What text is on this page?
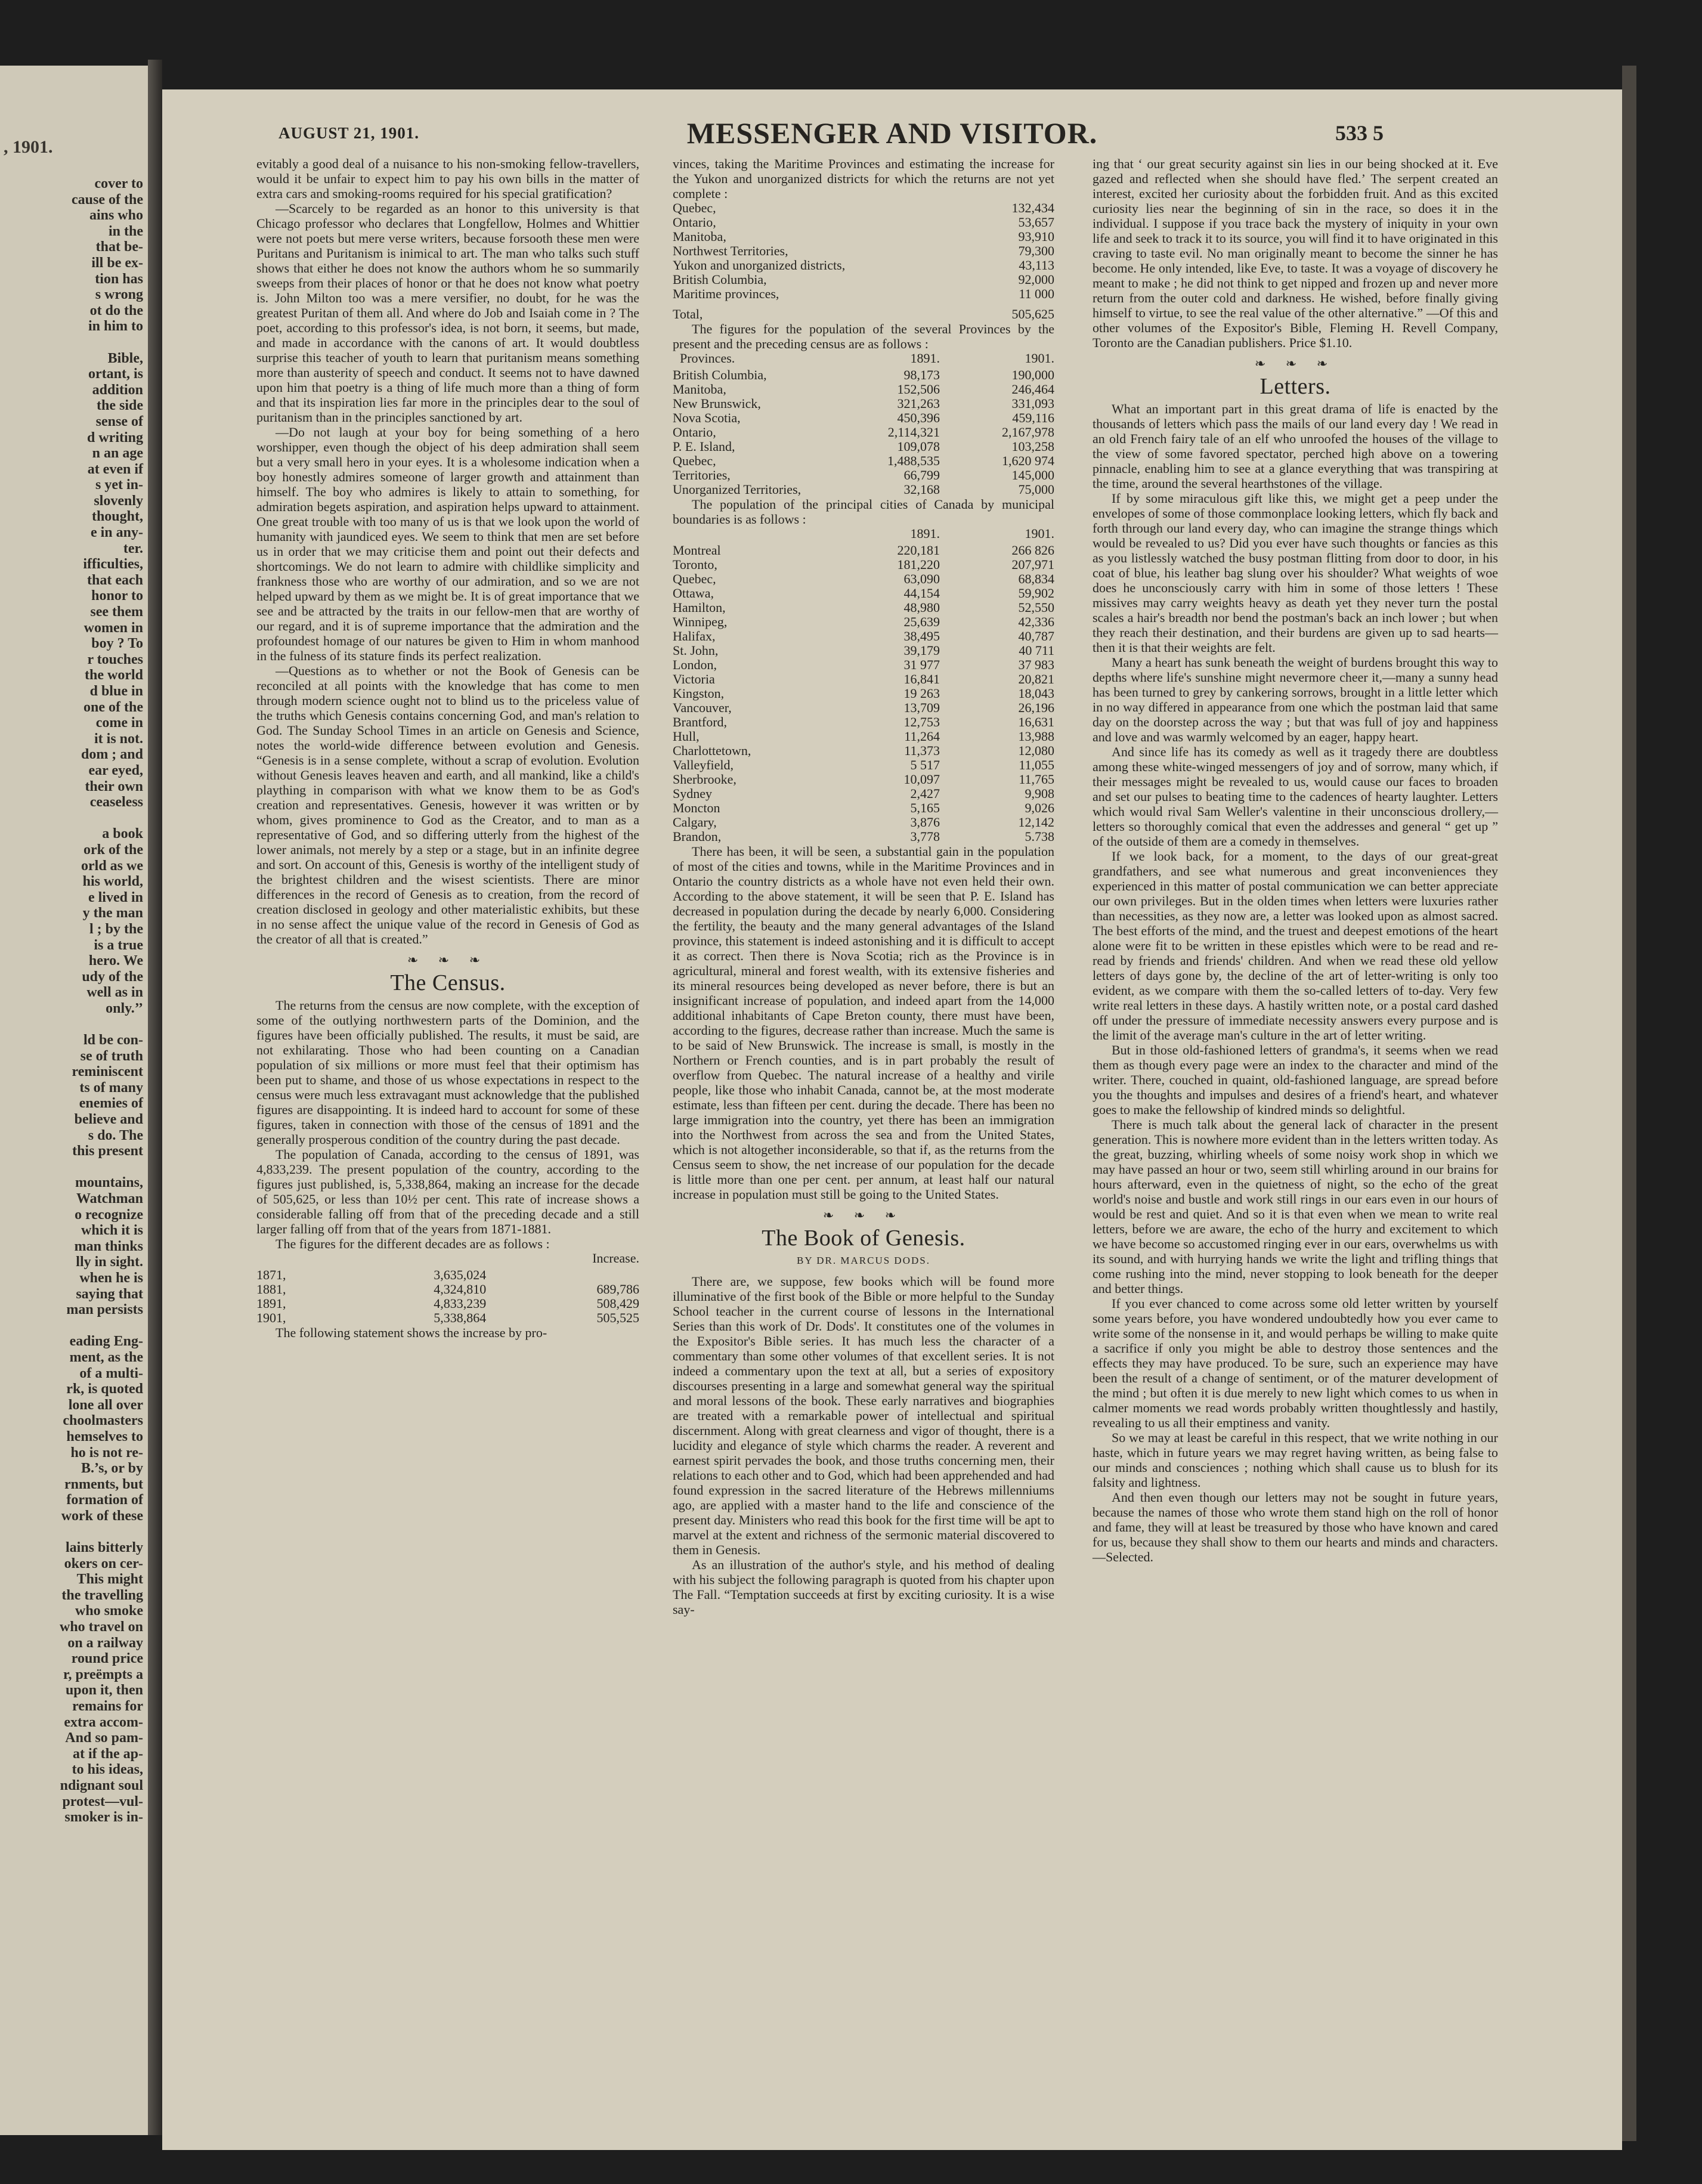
, 1901.
cover to
cause of the
ains who
in the
that be-
ill be ex-
tion has
s wrong
ot do the
in him to

Bible,
ortant, is
addition
the side
sense of
d writing
n an age
at even if
s yet in-
slovenly
thought,
e in any-
ter.
ifficulties,
that each
honor to
see them
women in
boy ? To
r touches
the world
d blue in
one of the
come in
it is not.
dom ; and
ear eyed,
their own
ceaseless

a book
ork of the
orld as we
his world,
e lived in
y the man
l ; by the
is a true
hero. We
udy of the
well as in
only.’’

ld be con-
se of truth
reminiscent
ts of many
enemies of
believe and
s do. The
this present

mountains,
Watchman
o recognize
which it is
man thinks
lly in sight.
when he is
saying that
man persists

eading Eng-
ment, as the
of a multi-
rk, is quoted
lone all over
choolmasters
hemselves to
ho is not re-
B.’s, or by
rnments, but
formation of
work of these

lains bitterly
okers on cer-
This might
the travelling
who smoke
who travel on
on a railway
round price
r, preëmpts a
upon it, then
remains for
extra accom-
And so pam-
at if the ap-
to his ideas,
ndignant soul
protest—vul-
smoker is in-
AUGUST 21, 1901.	MESSENGER AND VISITOR.	533 5

evitably a good deal of a nuisance to his non-smoking fellow-travellers, would it be unfair to expect him to pay his own bills in the matter of extra cars and smoking-rooms required for his special gratification?

—Scarcely to be regarded as an honor to this university is that Chicago professor who declares that Longfellow, Holmes and Whittier were not poets but mere verse writers, because forsooth these men were Puritans and Puritanism is inimical to art. The man who talks such stuff shows that either he does not know the authors whom he so summarily sweeps from their places of honor or that he does not know what poetry is. John Milton too was a mere versifier, no doubt, for he was the greatest Puritan of them all. And where do Job and Isaiah come in ? The poet, according to this professor's idea, is not born, it seems, but made, and made in accordance with the canons of art. It would doubtless surprise this teacher of youth to learn that puritanism means something more than austerity of speech and conduct. It seems not to have dawned upon him that poetry is a thing of life much more than a thing of form and that its inspiration lies far more in the principles dear to the soul of puritanism than in the principles sanctioned by art.

—Do not laugh at your boy for being something of a hero worshipper, even though the object of his deep admiration shall seem but a very small hero in your eyes. It is a wholesome indication when a boy honestly admires someone of larger growth and attainment than himself. The boy who admires is likely to attain to something, for admiration begets aspiration, and aspiration helps upward to attainment. One great trouble with too many of us is that we look upon the world of humanity with jaundiced eyes. We seem to think that men are set before us in order that we may criticise them and point out their defects and shortcomings. We do not learn to admire with childlike simplicity and frankness those who are worthy of our admiration, and so we are not helped upward by them as we might be. It is of great importance that we see and be attracted by the traits in our fellow-men that are worthy of our regard, and it is of supreme importance that the admiration and the profoundest homage of our natures be given to Him in whom manhood in the fulness of its stature finds its perfect realization.

—Questions as to whether or not the Book of Genesis can be reconciled at all points with the knowledge that has come to men through modern science ought not to blind us to the priceless value of the truths which Genesis contains concerning God, and man's relation to God. The Sunday School Times in an article on Genesis and Science, notes the world-wide difference between evolution and Genesis. “Genesis is in a sense complete, without a scrap of evolution. Evolution without Genesis leaves heaven and earth, and all mankind, like a child's plaything in comparison with what we know them to be as God's creation and representatives. Genesis, however it was written or by whom, gives prominence to God as the Creator, and to man as a representative of God, and so differing utterly from the highest of the lower animals, not merely by a step or a stage, but in an infinite degree and sort. On account of this, Genesis is worthy of the intelligent study of the brightest children and the wisest scientists. There are minor differences in the record of Genesis as to creation, from the record of creation disclosed in geology and other materialistic exhibits, but these in no sense affect the unique value of the record in Genesis of God as the creator of all that is created.”

❧ ❧ ❧
The Census.

The returns from the census are now complete, with the exception of some of the outlying northwestern parts of the Dominion, and the figures have been officially published. The results, it must be said, are not exhilarating. Those who had been counting on a Canadian population of six millions or more must feel that their optimism has been put to shame, and those of us whose expectations in respect to the census were much less extravagant must acknowledge that the published figures are disappointing. It is indeed hard to account for some of these figures, taken in connection with those of the census of 1891 and the generally prosperous condition of the country during the past decade.

The population of Canada, according to the census of 1891, was 4,833,239. The present population of the country, according to the figures just published, is, 5,338,864, making an increase for the decade of 505,625, or less than 10½ per cent. This rate of increase shows a considerable falling off from that of the preceding decade and a still larger falling off from that of the years from 1871-1881.

The figures for the different decades are as follows :

		Increase.
1871,	3,635,024	
1881,	4,324,810	689,786
1891,	4,833,239	508,429
1901,	5,338,864	505,525

The following statement shows the increase by pro-

vinces, taking the Maritime Provinces and estimating the increase for the Yukon and unorganized districts for which the returns are not yet complete :

Quebec,	132,434
Ontario,	53,657
Manitoba,	93,910
Northwest Territories,	79,300
Yukon and unorganized districts,	43,113
British Columbia,	92,000
Maritime provinces,	11 000
Total,	505,625

The figures for the population of the several Provinces by the present and the preceding census are as follows :

Provinces.	1891.	1901.
British Columbia,	98,173	190,000
Manitoba,	152,506	246,464
New Brunswick,	321,263	331,093
Nova Scotia,	450,396	459,116
Ontario,	2,114,321	2,167,978
P. E. Island,	109,078	103,258
Quebec,	1,488,535	1,620 974
Territories,	66,799	145,000
Unorganized Territories,	32,168	75,000

The population of the principal cities of Canada by municipal boundaries is as follows :

	1891.	1901.
Montreal	220,181	266 826
Toronto,	181,220	207,971
Quebec,	63,090	68,834
Ottawa,	44,154	59,902
Hamilton,	48,980	52,550
Winnipeg,	25,639	42,336
Halifax,	38,495	40,787
St. John,	39,179	40 711
London,	31 977	37 983
Victoria	16,841	20,821
Kingston,	19 263	18,043
Vancouver,	13,709	26,196
Brantford,	12,753	16,631
Hull,	11,264	13,988
Charlottetown,	11,373	12,080
Valleyfield,	5 517	11,055
Sherbrooke,	10,097	11,765
Sydney	2,427	9,908
Moncton	5,165	9,026
Calgary,	3,876	12,142
Brandon,	3,778	5.738

There has been, it will be seen, a substantial gain in the population of most of the cities and towns, while in the Maritime Provinces and in Ontario the country districts as a whole have not even held their own. According to the above statement, it will be seen that P. E. Island has decreased in population during the decade by nearly 6,000. Considering the fertility, the beauty and the many general advantages of the Island province, this statement is indeed astonishing and it is difficult to accept it as correct. Then there is Nova Scotia; rich as the Province is in agricultural, mineral and forest wealth, with its extensive fisheries and its mineral resources being developed as never before, there is but an insignificant increase of population, and indeed apart from the 14,000 additional inhabitants of Cape Breton county, there must have been, according to the figures, decrease rather than increase. Much the same is to be said of New Brunswick. The increase is small, is mostly in the Northern or French counties, and is in part probably the result of overflow from Quebec. The natural increase of a healthy and virile people, like those who inhabit Canada, cannot be, at the most moderate estimate, less than fifteen per cent. during the decade. There has been no large immigration into the country, yet there has been an immigration into the Northwest from across the sea and from the United States, which is not altogether inconsiderable, so that if, as the returns from the Census seem to show, the net increase of our population for the decade is little more than one per cent. per annum, at least half our natural increase in population must still be going to the United States.

❧ ❧ ❧
The Book of Genesis.
BY DR. MARCUS DODS.

There are, we suppose, few books which will be found more illuminative of the first book of the Bible or more helpful to the Sunday School teacher in the current course of lessons in the International Series than this work of Dr. Dods'. It constitutes one of the volumes in the Expositor's Bible series. It has much less the character of a commentary than some other volumes of that excellent series. It is not indeed a commentary upon the text at all, but a series of expository discourses presenting in a large and somewhat general way the spiritual and moral lessons of the book. These early narratives and biographies are treated with a remarkable power of intellectual and spiritual discernment. Along with great clearness and vigor of thought, there is a lucidity and elegance of style which charms the reader. A reverent and earnest spirit pervades the book, and those truths concerning men, their relations to each other and to God, which had been apprehended and had found expression in the sacred literature of the Hebrews millenniums ago, are applied with a master hand to the life and conscience of the present day. Ministers who read this book for the first time will be apt to marvel at the extent and richness of the sermonic material discovered to them in Genesis.

As an illustration of the author's style, and his method of dealing with his subject the following paragraph is quoted from his chapter upon The Fall. “Temptation succeeds at first by exciting curiosity. It is a wise say-

ing that ‘ our great security against sin lies in our being shocked at it. Eve gazed and reflected when she should have fled.’ The serpent created an interest, excited her curiosity about the forbidden fruit. And as this excited curiosity lies near the beginning of sin in the race, so does it in the individual. I suppose if you trace back the mystery of iniquity in your own life and seek to track it to its source, you will find it to have originated in this craving to taste evil. No man originally meant to become the sinner he has become. He only intended, like Eve, to taste. It was a voyage of discovery he meant to make ; he did not think to get nipped and frozen up and never more return from the outer cold and darkness. He wished, before finally giving himself to virtue, to see the real value of the other alternative.” —Of this and other volumes of the Expositor's Bible, Fleming H. Revell Company, Toronto are the Canadian publishers. Price $1.10.

❧ ❧ ❧
Letters.

What an important part in this great drama of life is enacted by the thousands of letters which pass the mails of our land every day ! We read in an old French fairy tale of an elf who unroofed the houses of the village to the view of some favored spectator, perched high above on a towering pinnacle, enabling him to see at a glance everything that was transpiring at the time, around the several hearthstones of the village.

If by some miraculous gift like this, we might get a peep under the envelopes of some of those commonplace looking letters, which fly back and forth through our land every day, who can imagine the strange things which would be revealed to us? Did you ever have such thoughts or fancies as this as you listlessly watched the busy postman flitting from door to door, in his coat of blue, his leather bag slung over his shoulder? What weights of woe does he unconsciously carry with him in some of those letters ! These missives may carry weights heavy as death yet they never turn the postal scales a hair's breadth nor bend the postman's back an inch lower ; but when they reach their destination, and their burdens are given up to sad hearts—then it is that their weights are felt.

Many a heart has sunk beneath the weight of burdens brought this way to depths where life's sunshine might nevermore cheer it,—many a sunny head has been turned to grey by cankering sorrows, brought in a little letter which in no way differed in appearance from one which the postman laid that same day on the doorstep across the way ; but that was full of joy and happiness and love and was warmly welcomed by an eager, happy heart.

And since life has its comedy as well as it tragedy there are doubtless among these white-winged messengers of joy and of sorrow, many which, if their messages might be revealed to us, would cause our faces to broaden and set our pulses to beating time to the cadences of hearty laughter. Letters which would rival Sam Weller's valentine in their unconscious drollery,—letters so thoroughly comical that even the addresses and general “ get up ” of the outside of them are a comedy in themselves.

If we look back, for a moment, to the days of our great-great grandfathers, and see what numerous and great inconveniences they experienced in this matter of postal communication we can better appreciate our own privileges. But in the olden times when letters were luxuries rather than necessities, as they now are, a letter was looked upon as almost sacred. The best efforts of the mind, and the truest and deepest emotions of the heart alone were fit to be written in these epistles which were to be read and re-read by friends and friends' children. And when we read these old yellow letters of days gone by, the decline of the art of letter-writing is only too evident, as we compare with them the so-called letters of to-day. Very few write real letters in these days. A hastily written note, or a postal card dashed off under the pressure of immediate necessity answers every purpose and is the limit of the average man's culture in the art of letter writing.

But in those old-fashioned letters of grandma's, it seems when we read them as though every page were an index to the character and mind of the writer. There, couched in quaint, old-fashioned language, are spread before you the thoughts and impulses and desires of a friend's heart, and whatever goes to make the fellowship of kindred minds so delightful.

There is much talk about the general lack of character in the present generation. This is nowhere more evident than in the letters written today. As the great, buzzing, whirling wheels of some noisy work shop in which we may have passed an hour or two, seem still whirling around in our brains for hours afterward, even in the quietness of night, so the echo of the great world's noise and bustle and work still rings in our ears even in our hours of would be rest and quiet. And so it is that even when we mean to write real letters, before we are aware, the echo of the hurry and excitement to which we have become so accustomed ringing ever in our ears, overwhelms us with its sound, and with hurrying hands we write the light and trifling things that come rushing into the mind, never stopping to look beneath for the deeper and better things.

If you ever chanced to come across some old letter written by yourself some years before, you have wondered undoubtedly how you ever came to write some of the nonsense in it, and would perhaps be willing to make quite a sacrifice if only you might be able to destroy those sentences and the effects they may have produced. To be sure, such an experience may have been the result of a change of sentiment, or of the maturer development of the mind ; but often it is due merely to new light which comes to us when in calmer moments we read words probably written thoughtlessly and hastily, revealing to us all their emptiness and vanity.

So we may at least be careful in this respect, that we write nothing in our haste, which in future years we may regret having written, as being false to our minds and consciences ; nothing which shall cause us to blush for its falsity and lightness.

And then even though our letters may not be sought in future years, because the names of those who wrote them stand high on the roll of honor and fame, they will at least be treasured by those who have known and cared for us, because they shall show to them our hearts and minds and characters.—Selected.
